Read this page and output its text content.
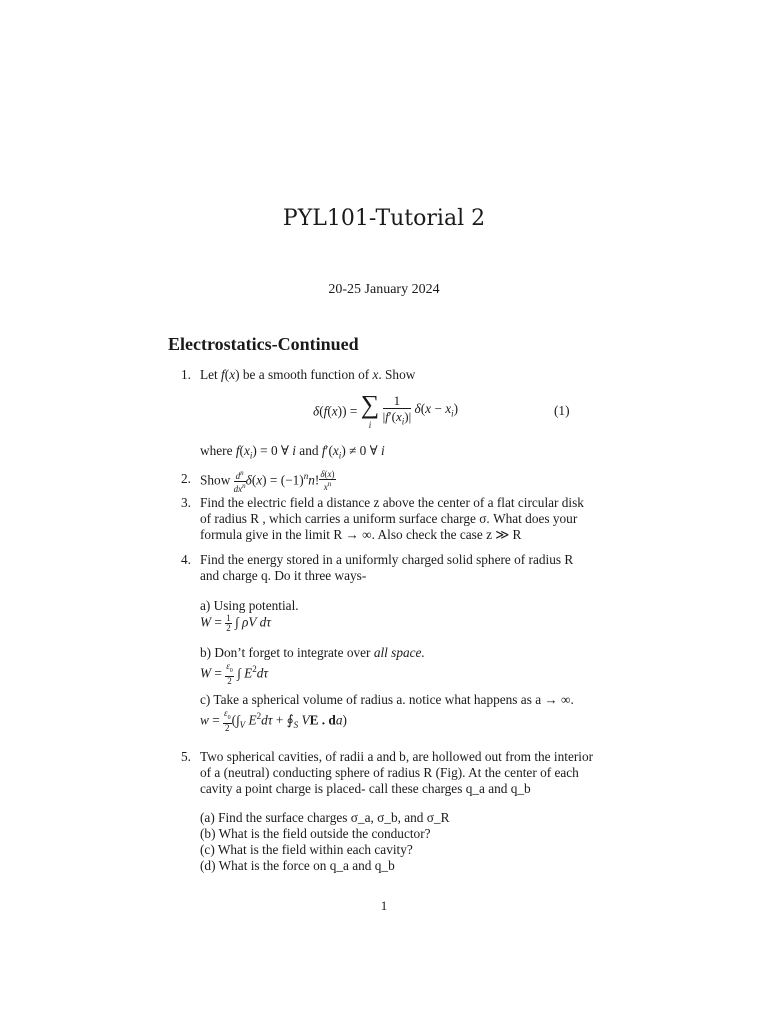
PYL101-Tutorial 2
20-25 January 2024
Electrostatics-Continued
1. Let f(x) be a smooth function of x. Show
δ(f(x)) = ∑
i $\frac{1}{|f'(x_i)|} \delta(x - x_i)$	(1)
where $f(x_i) = 0$ ∀ i and $f'(x_i) \ne 0$ ∀ i
2. Show $\frac{d^n}{dx^n} \delta(x) = (-1)^nn$! $\frac{\delta(x)}{x^n}$
3. Find the electric field a distance z above the center of a flat circular disk
of radius R , which carries a uniform surface charge σ. What does your
formula give in the limit R → ∞. Also check the case z ≫ R
4. Find the energy stored in a uniformly charged solid sphere of radius R
and charge q. Do it three ways-
a) Using potential.
$W = \frac{1}{2}$ ∫ ρV dτ
b) Don’t forget to integrate over all space.
$W = \frac{\varepsilon_0}{2}$ ∫ $E^2d\tau$
c) Take a spherical volume of radius a. notice what happens as a → ∞.
$w = \frac{\varepsilon_0}{2} (\int_V$ $E^2d\tau$ + $∮_S$ VE . da)
5. Two spherical cavities, of radii a and b, are hollowed out from the interior
of a (neutral) conducting sphere of radius R (Fig). At the center of each
cavity a point charge is placed- call these charges q_a and q_b
(a) Find the surface charges σ_a, σ_b, and σ_R
(b) What is the field outside the conductor?
(c) What is the field within each cavity?
(d) What is the force on q_a and q_b
1
